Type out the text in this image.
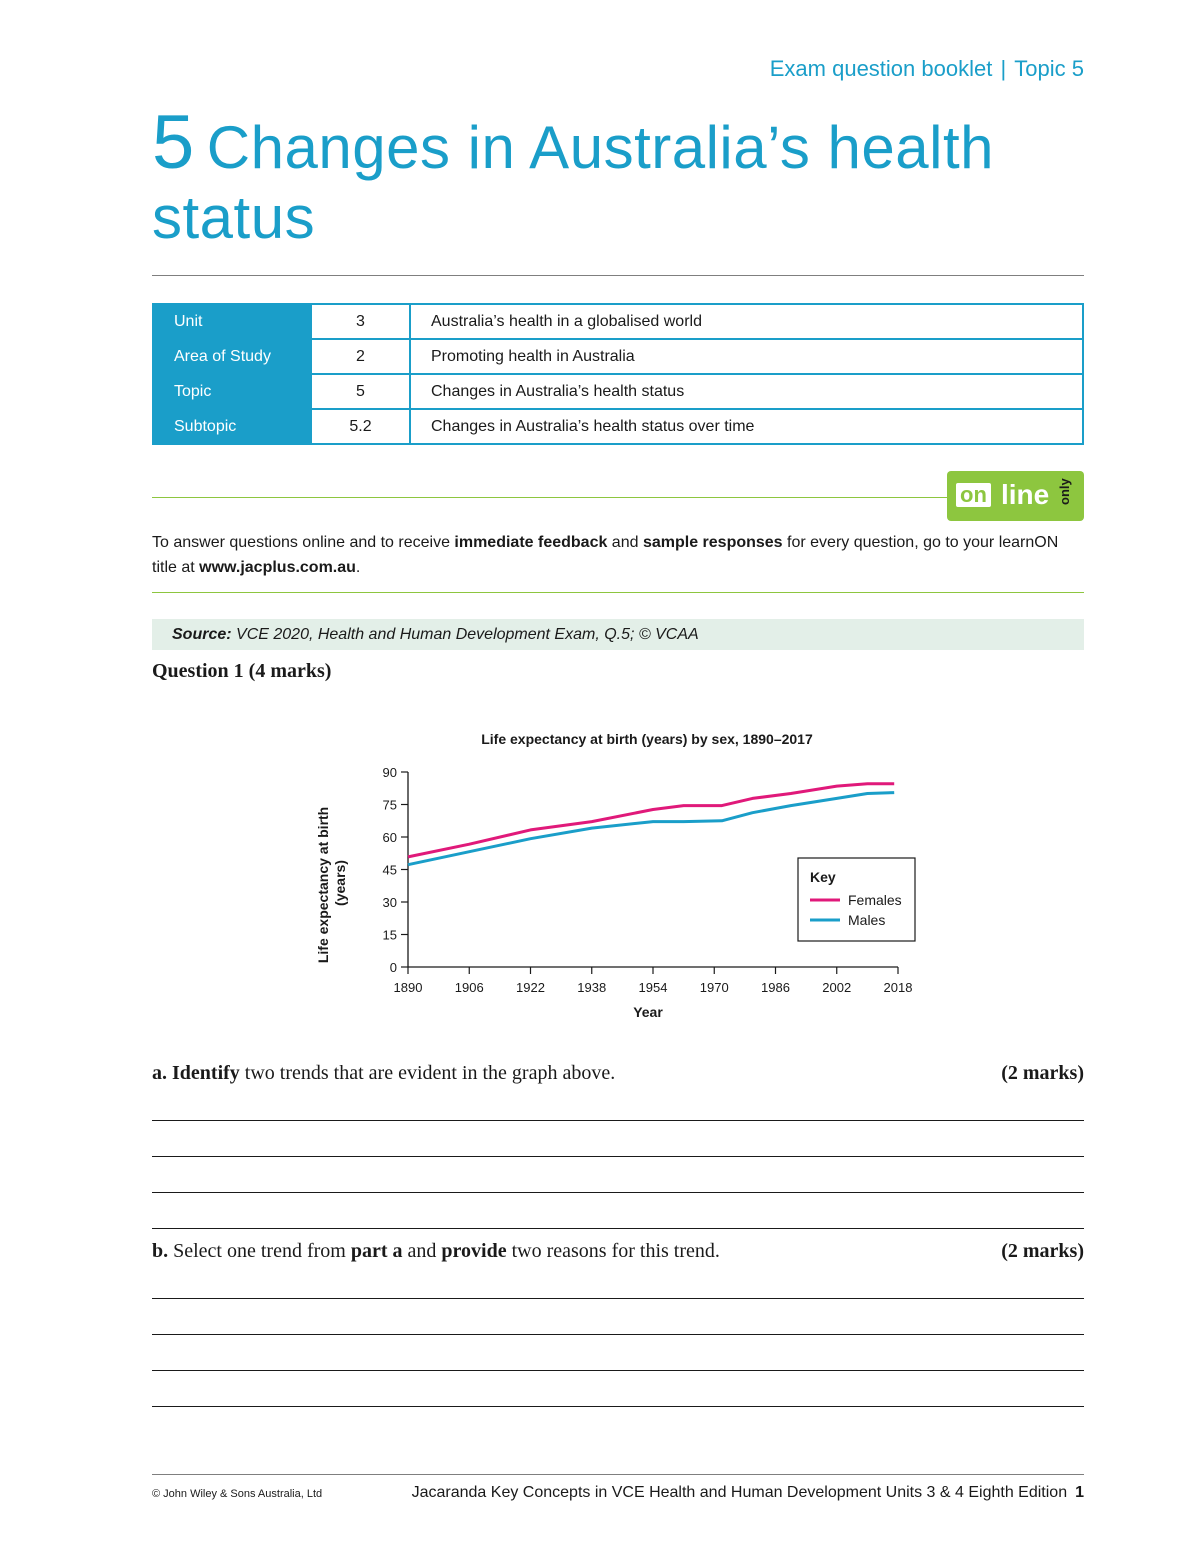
Exam question booklet | Topic 5
5 Changes in Australia’s health status
Unit	3	Australia’s health in a globalised world
Area of Study	2	Promoting health in Australia
Topic	5	Changes in Australia’s health status
Subtopic	5.2	Changes in Australia’s health status over time
on line only
To answer questions online and to receive immediate feedback and sample responses for every question, go to your learnON title at www.jacplus.com.au.
Source: VCE 2020, Health and Human Development Exam, Q.5; © VCAA
Question 1 (4 marks)
Life expectancy at birth (years) by sex, 1890–2017
0
15
30
45
60
75
90
1890 1906 1922 1938 1954 1970 1986 2002 2018
Year
Life expectancy at birth (years)	Key
Females
Males
a. Identify two trends that are evident in the graph above.	(2 marks)
b. Select one trend from part a and provide two reasons for this trend.	(2 marks)
© John Wiley & Sons Australia, Ltd	Jacaranda Key Concepts in VCE Health and Human Development Units 3 & 4 Eighth Edition 1
